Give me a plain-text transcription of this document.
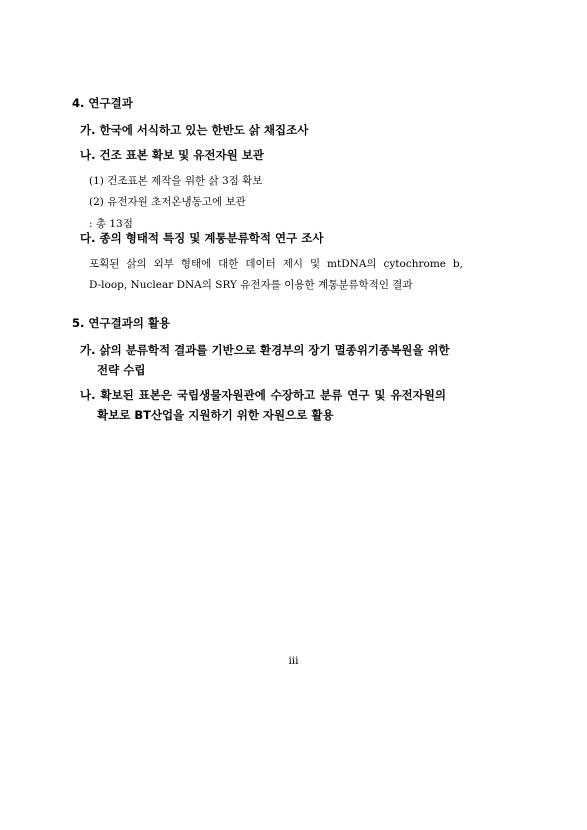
4. 연구결과
가. 한국에 서식하고 있는 한반도 삵 채집조사
나. 건조 표본 확보 및 유전자원 보관
(1) 건조표본 제작을 위한 삵 3점 확보
(2) 유전자원 초저온냉동고에 보관
: 총 13점
다. 종의 형태적 특징 및 계통분류학적 연구 조사
포획된 삵의 외부 형태에 대한 데이터 제시 및 mtDNA의 cytochrome b,
D-loop, Nuclear DNA의 SRY 유전자를 이용한 계통분류학적인 결과
5. 연구결과의 활용
가. 삵의 분류학적 결과를 기반으로 환경부의 장기 멸종위기종복원을 위한
전략 수립
나. 확보된 표본은 국립생물자원관에 수장하고 분류 연구 및 유전자원의
확보로 BT산업을 지원하기 위한 자원으로 활용
iii
